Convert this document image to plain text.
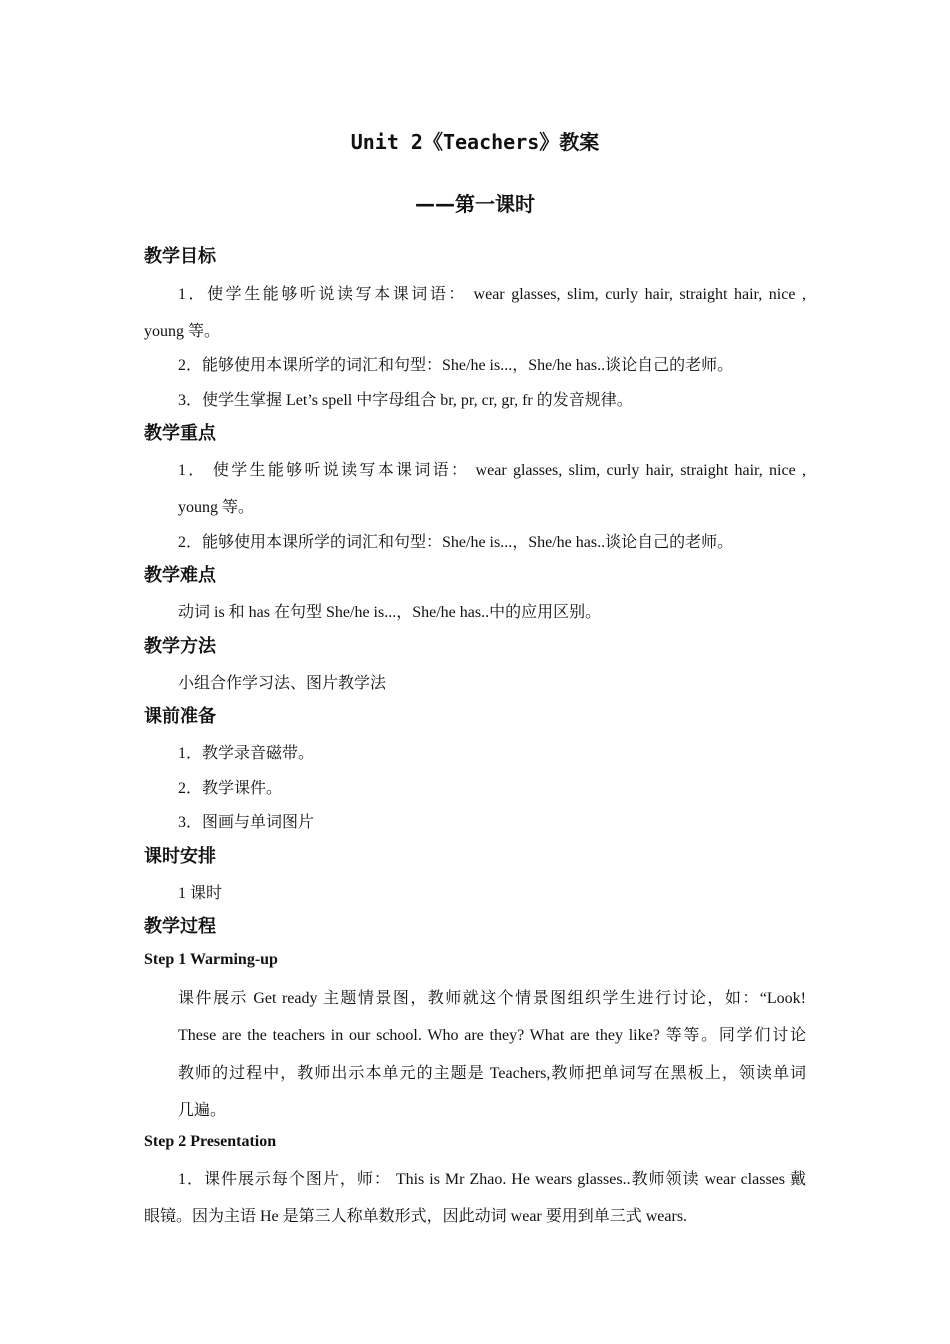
Unit 2《Teachers》教案
——第一课时
教学目标
1．使学生能够听说读写本课词语： wear glasses, slim, curly hair, straight hair, nice ,
young 等。
2．能够使用本课所学的词汇和句型：She/he is...，She/he has..谈论自己的老师。
3．使学生掌握 Let’s spell 中字母组合 br, pr, cr, gr, fr 的发音规律。
教学重点
1． 使学生能够听说读写本课词语： wear glasses, slim, curly hair, straight hair, nice ,
young 等。
2．能够使用本课所学的词汇和句型：She/he is...，She/he has..谈论自己的老师。
教学难点
动词 is 和 has 在句型 She/he is...，She/he has..中的应用区别。
教学方法
小组合作学习法、图片教学法
课前准备
1．教学录音磁带。
2．教学课件。
3．图画与单词图片
课时安排
1 课时
教学过程
Step 1 Warming-up
课件展示 Get ready 主题情景图，教师就这个情景图组织学生进行讨论，如：“Look!
These are the teachers in our school. Who are they? What are they like? 等等。同学们讨论
教师的过程中，教师出示本单元的主题是 Teachers,教师把单词写在黑板上，领读单词
几遍。
Step 2 Presentation
1．课件展示每个图片，师： This is Mr Zhao. He wears glasses..教师领读 wear classes 戴
眼镜。因为主语 He 是第三人称单数形式，因此动词 wear 要用到单三式 wears.
